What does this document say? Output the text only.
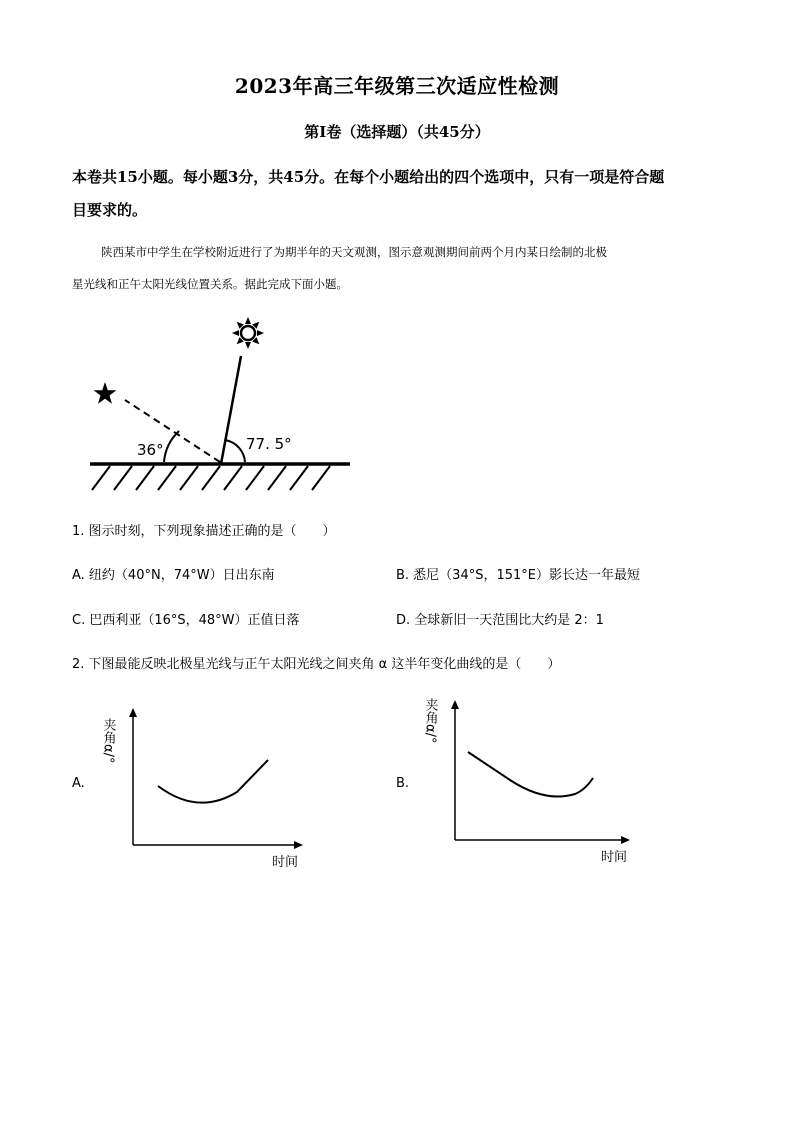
2023年高三年级第三次适应性检测
第Ⅰ卷（选择题）（共45分）
本卷共15小题。每小题3分，共45分。在每个小题给出的四个选项中，只有一项是符合题
目要求的。
陕西某市中学生在学校附近进行了为期半年的天文观测，图示意观测期间前两个月内某日绘制的北极
星光线和正午太阳光线位置关系。据此完成下面小题。
36°	77. 5°
1. 图示时刻，下列现象描述正确的是（　　）
A. 纽约（40°N，74°W）日出东南	B. 悉尼（34°S，151°E）影长达一年最短
C. 巴西利亚（16°S，48°W）正值日落	D. 全球新旧一天范围比大约是 2：1
2. 下图最能反映北极星光线与正午太阳光线之间夹角 α 这半年变化曲线的是（　　）
A.
夹角α/°
时间
B.
夹角α/°
时间
